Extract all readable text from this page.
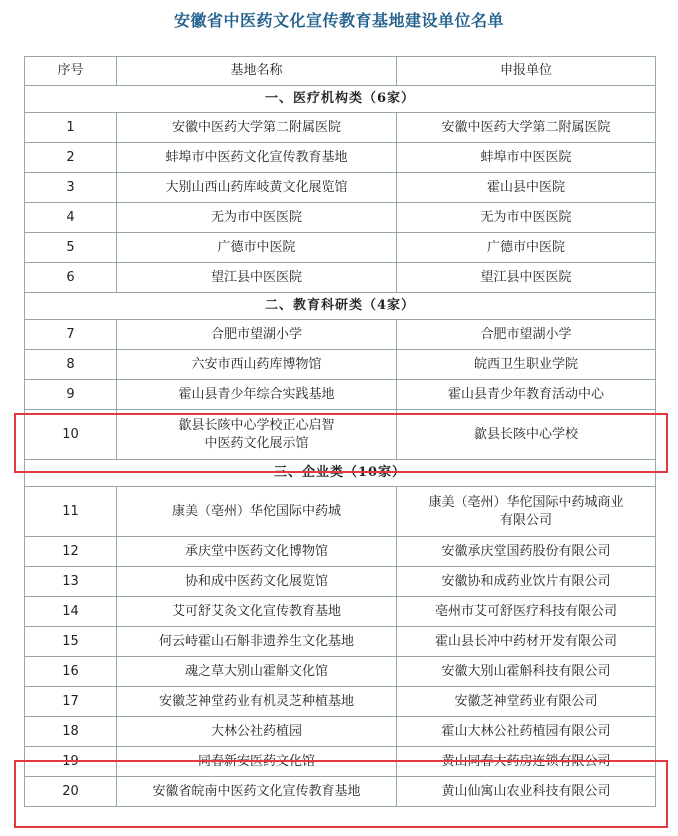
安徽省中医药文化宣传教育基地建设单位名单
序号	基地名称	申报单位
一、医疗机构类（6家）		
1	安徽中医药大学第二附属医院	安徽中医药大学第二附属医院

2	蚌埠市中医药文化宣传教育基地	蚌埠市中医医院

3	大别山西山药库岐黄文化展览馆	霍山县中医院

4	无为市中医医院	无为市中医医院

5	广德市中医院	广德市中医院

6	望江县中医医院	望江县中医医院

二、教育科研类（4家）		
7	合肥市望湖小学	合肥市望湖小学

8	六安市西山药库博物馆	皖西卫生职业学院

9	霍山县青少年综合实践基地	霍山县青少年教育活动中心

10	歙县长陔中心学校正心启智
中医药文化展示馆	歙县长陔中心学校

三、企业类（10家）		
11	康美（亳州）华佗国际中药城	康美（亳州）华佗国际中药城商业
有限公司

12	承庆堂中医药文化博物馆	安徽承庆堂国药股份有限公司

13	协和成中医药文化展览馆	安徽协和成药业饮片有限公司

14	艾可舒艾灸文化宣传教育基地	亳州市艾可舒医疗科技有限公司

15	何云峙霍山石斛非遗养生文化基地	霍山县长冲中药材开发有限公司

16	魂之草大别山霍斛文化馆	安徽大别山霍斛科技有限公司

17	安徽芝神堂药业有机灵芝种植基地	安徽芝神堂药业有限公司

18	大林公社药植园	霍山大林公社药植园有限公司

19	同春新安医药文化馆	黄山同春大药房连锁有限公司

20	安徽省皖南中医药文化宣传教育基地	黄山仙寓山农业科技有限公司
